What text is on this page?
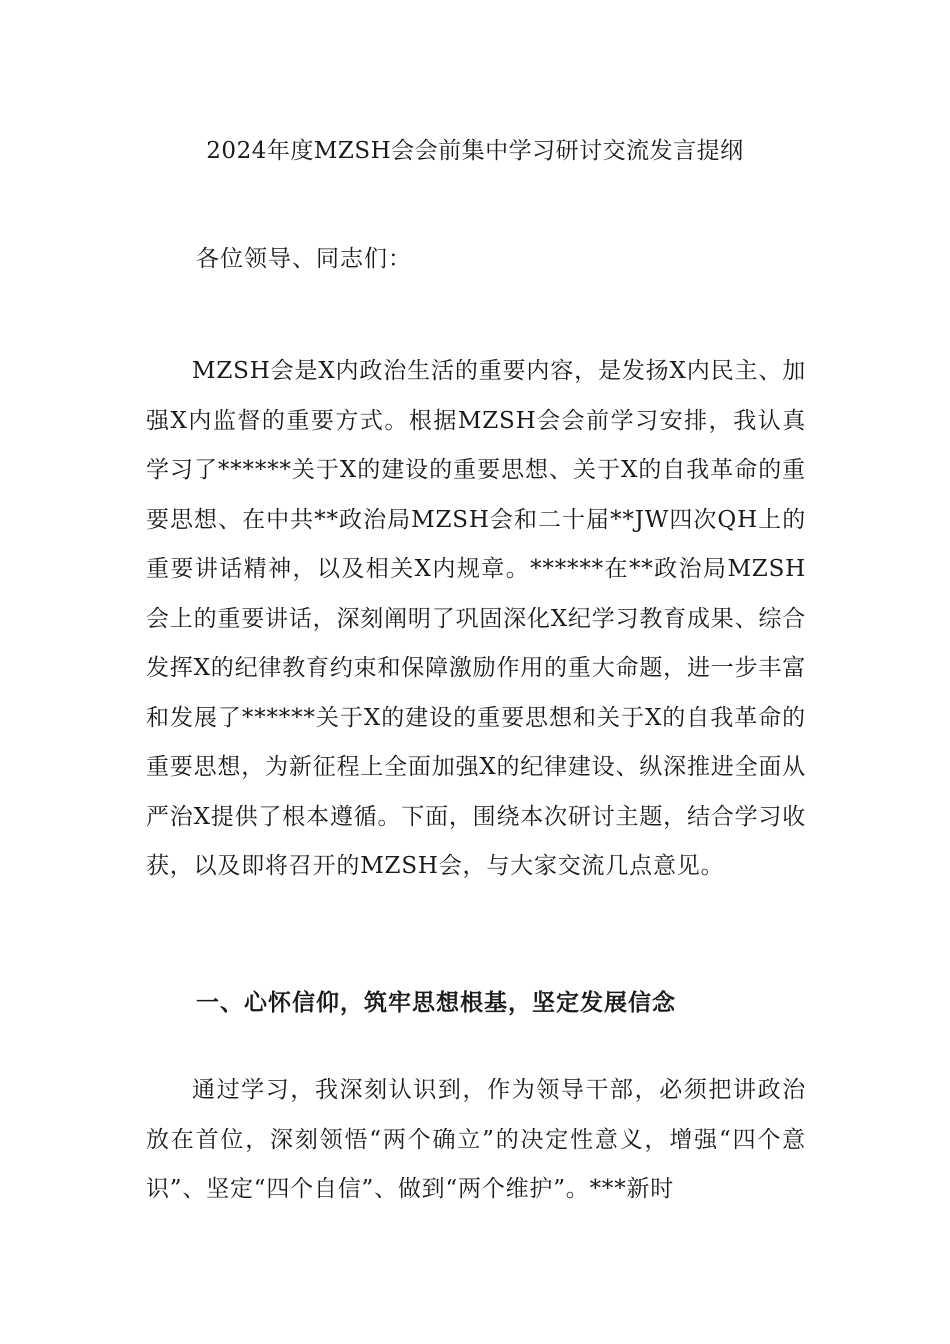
2024年度MZSH会会前集中学习研讨交流发言提纲
各位领导、同志们：

MZSH会是X内政治生活的重要内容，是发扬X内民主、加强X内监督的重要方式。根据MZSH会会前学习安排，我认真学习了******关于X的建设的重要思想、关于X的自我革命的重要思想、在中共**政治局MZSH会和二十届**JW四次QH上的重要讲话精神，以及相关X内规章。******在**政治局MZSH会上的重要讲话，深刻阐明了巩固深化X纪学习教育成果、综合发挥X的纪律教育约束和保障激励作用的重大命题，进一步丰富和发展了******关于X的建设的重要思想和关于X的自我革命的重要思想，为新征程上全面加强X的纪律建设、纵深推进全面从严治X提供了根本遵循。下面，围绕本次研讨主题，结合学习收获，以及即将召开的MZSH会，与大家交流几点意见。

一、心怀信仰，筑牢思想根基，坚定发展信念

通过学习，我深刻认识到，作为领导干部，必须把讲政治放在首位，深刻领悟“两个确立”的决定性意义，增强“四个意识”、坚定“四个自信”、做到“两个维护”。***新时
